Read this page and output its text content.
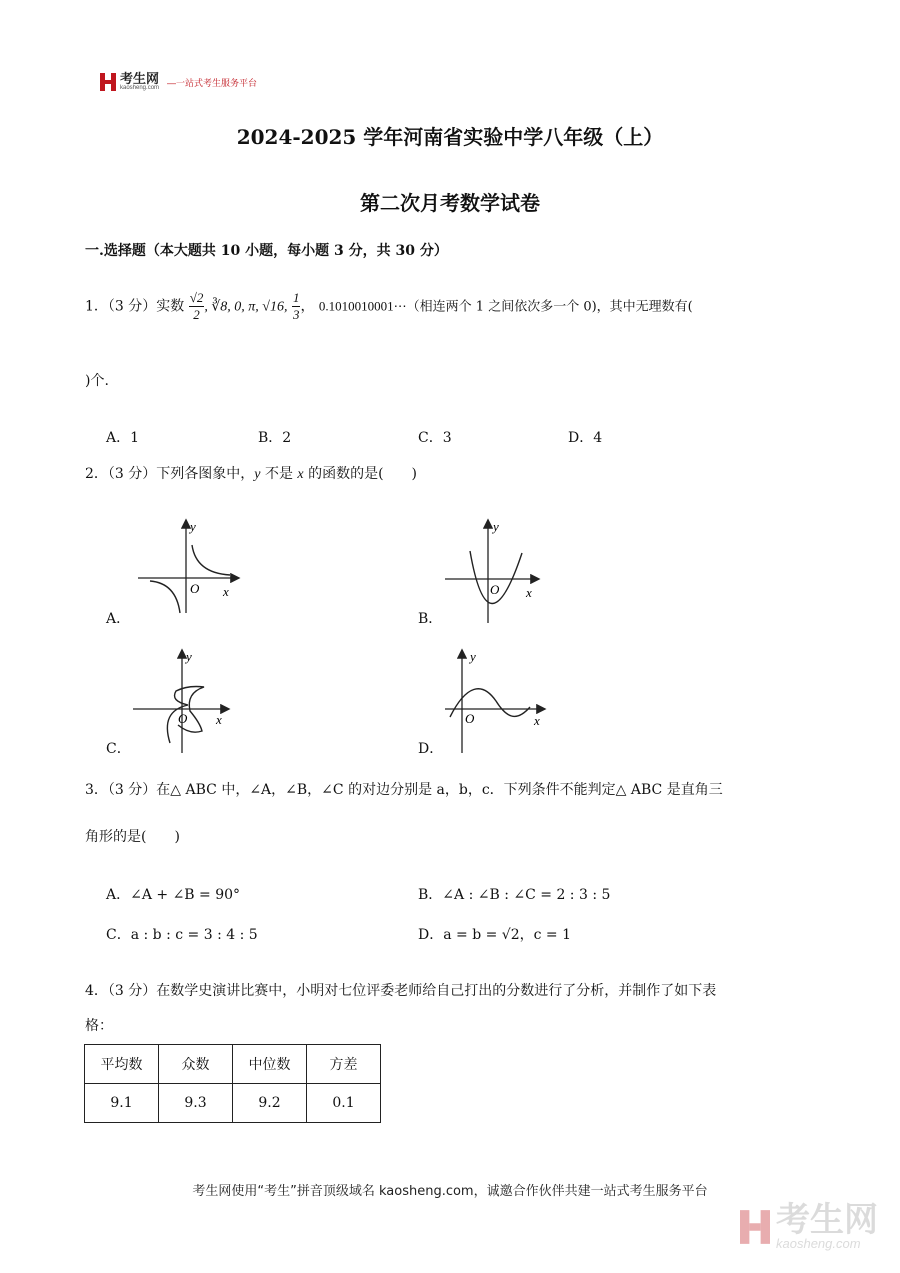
考生网
kaosheng.com
—一站式考生服务平台
2024-2025 学年河南省实验中学八年级（上）
第二次月考数学试卷
一.选择题（本大题共 10 小题，每小题 3 分，共 30 分）
1．（3 分）实数 $\frac{√2}{2}$ , ∛8, 0, π, √16, $\frac{1}{3}$ ， 0.1010010001⋯（相连两个 1 之间依次多一个 0)，其中无理数有(
)个.
A．1	B．2	C．3	D．4
2．（3 分）下列各图象中，y 不是 x 的函数的是(　　)
y
x
O
A．
y
x
O
B．
y
x
O
C．
y
x
O
D．
3．（3 分）在△ ABC 中，∠A，∠B，∠C 的对边分别是 a，b，c．下列条件不能判定△ ABC 是直角三
角形的是(　　)
A．∠A + ∠B = 90°	B．∠A : ∠B : ∠C = 2 : 3 : 5
C．a : b : c = 3 : 4 : 5	D．a = b = √2，c = 1
4．（3 分）在数学史演讲比赛中，小明对七位评委老师给自己打出的分数进行了分析，并制作了如下表
格：
平均数	众数	中位数	方差
9.1	9.3	9.2	0.1
考生网使用“考生”拼音顶级域名 kaosheng.com，诚邀合作伙伴共建一站式考生服务平台
考生网
kaosheng.com
